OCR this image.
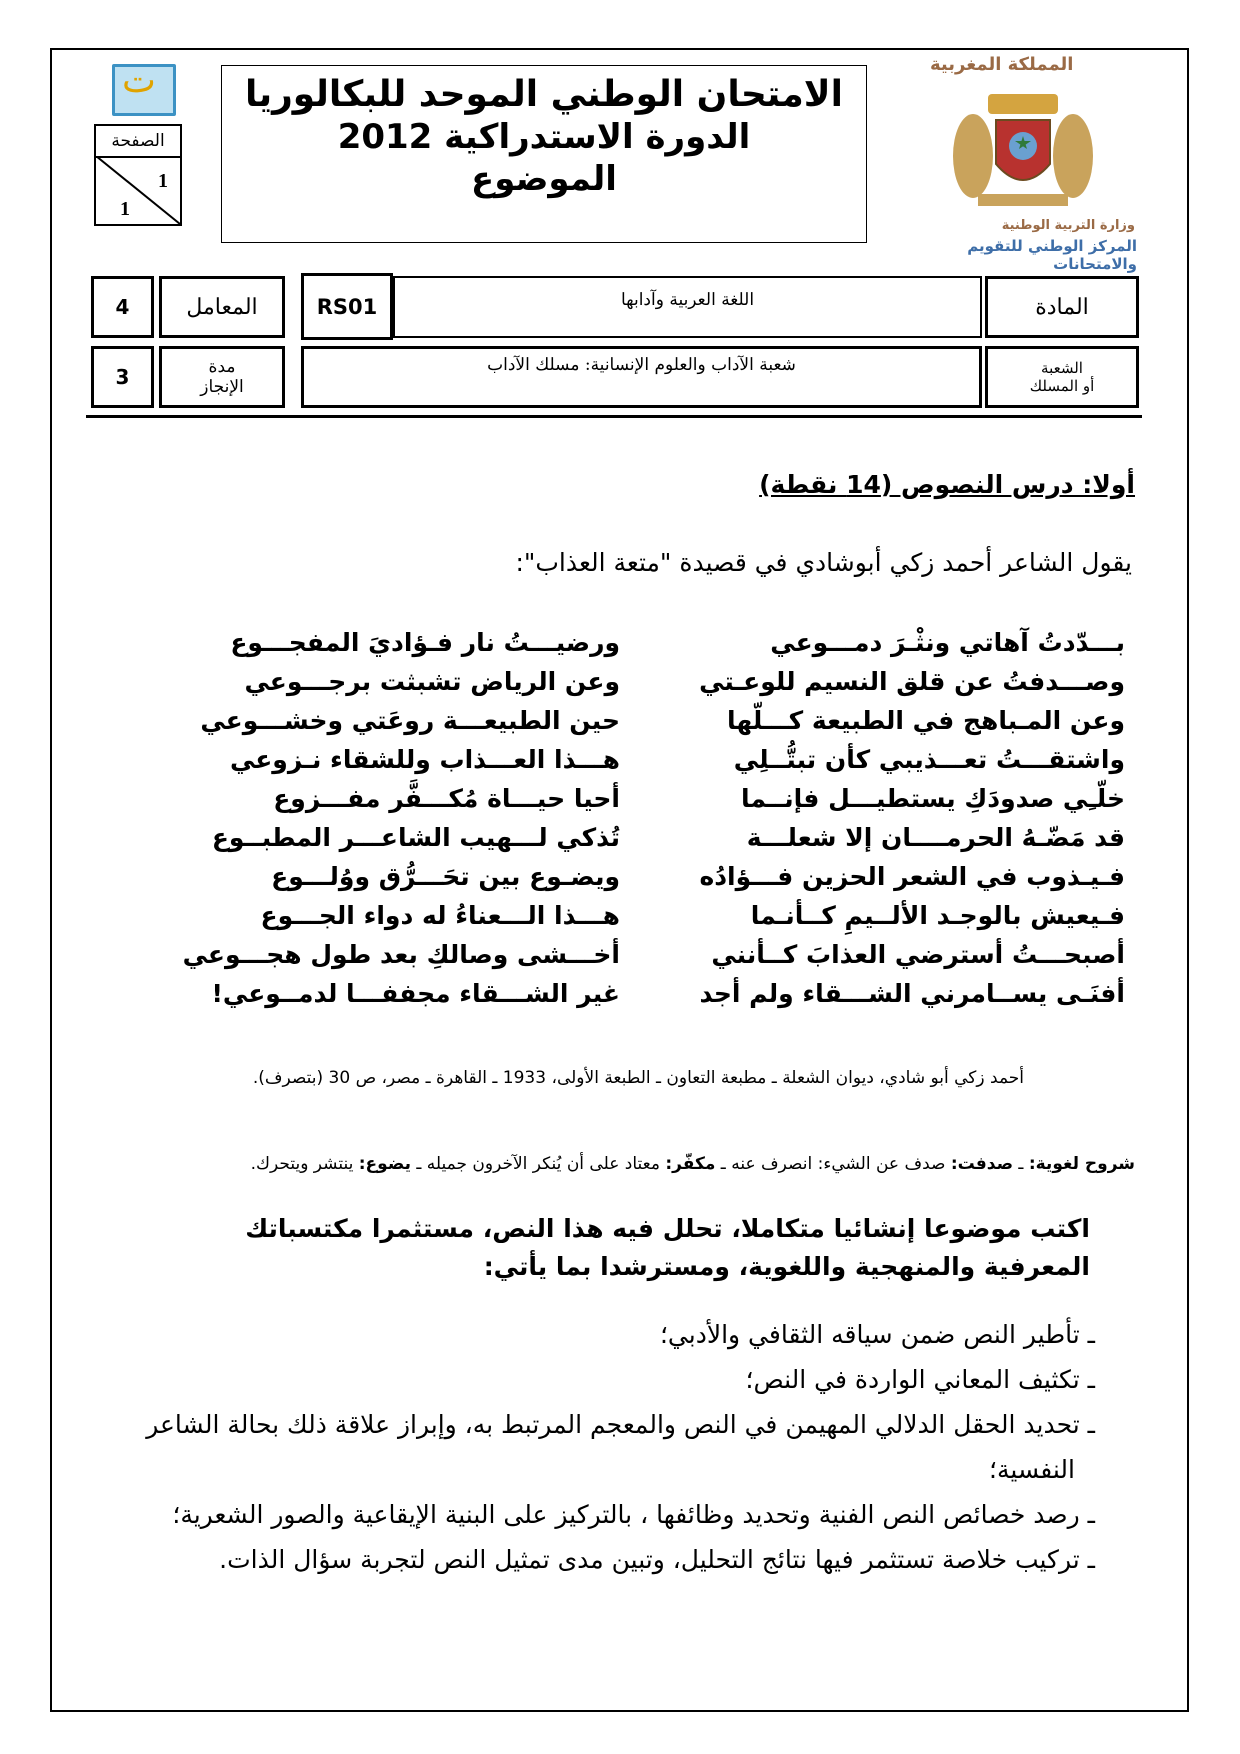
ت
الصفحة
1
1
الامتحان الوطني الموحد للبكالوريا
الدورة الاستدراكية 2012
الموضوع
المملكة المغربية
وزارة التربية الوطنية
المركز الوطني للتقويم والامتحانات
4	المعامل	RS01	اللغة العربية وآدابها	المادة
3	مدة
الإنجاز
شعبة الآداب والعلوم الإنسانية: مسلك الآداب	الشعبة
أو المسلك
أولا: درس النصوص (14 نقطة)
يقول الشاعر أحمد زكي أبوشادي في قصيدة "متعة العذاب":
بـــدّدتُ آهاتي ونثْـرَ دمـــوعي
وصـــدفتُ عن قلق النسيم للوعـتي
وعن المـباهج في الطبيعة كـــلّها
واشتقـــتُ تعـــذيبي كأن تبتُّــلِي
خلّـِي صدودَكِ يستطيـــل فإنــما
قد مَضّـهُ الحرمــــان إلا شعلـــة
فـيـذوب في الشعر الحزين فـــؤادُه
فـيعيش بالوجـد الألــيمِ كــأنـما
أصبحـــتُ أسترضي العذابَ كــأنني
أفنَـى يســامرني الشـــقاء ولم أجد
ورضيـــتُ نار فـؤاديَ المفجـــوع
وعن الرياض تشبثت برجـــوعي
حين الطبيعـــة روعَتي وخشـــوعي
هـــذا العـــذاب وللشقاء نـزوعي
أحيا حيـــاة مُكـــفَّر مفـــزوع
تُذكي لـــهيب الشاعـــر المطبــوع
ويضـوع بين تحَـــرُّق ووُلـــوع
هـــذا الـــعناءُ له دواء الجـــوع
أخـــشى وصالكِ بعد طول هجـــوعي
غير الشـــقاء مجففـــا لدمــوعي!
أحمد زكي أبو شادي، ديوان الشعلة ـ مطبعة التعاون ـ الطبعة الأولى، 1933 ـ القاهرة ـ مصر، ص 30 (بتصرف).
شروح لغوية: ـ صدفت: صدف عن الشيء: انصرف عنه ـ مكفّر: معتاد على أن يُنكر الآخرون جميله ـ يضوع: ينتشر ويتحرك.
اكتب موضوعا إنشائيا متكاملا، تحلل فيه هذا النص، مستثمرا مكتسباتك المعرفية والمنهجية واللغوية، ومسترشدا بما يأتي:
ـ تأطير النص ضمن سياقه الثقافي والأدبي؛
ـ تكثيف المعاني الواردة في النص؛
ـ تحديد الحقل الدلالي المهيمن في النص والمعجم المرتبط به، وإبراز علاقة ذلك بحالة الشاعر
النفسية؛
ـ رصد خصائص النص الفنية وتحديد وظائفها ، بالتركيز على البنية الإيقاعية والصور الشعرية؛
ـ تركيب خلاصة تستثمر فيها نتائج التحليل، وتبين مدى تمثيل النص لتجربة سؤال الذات.
